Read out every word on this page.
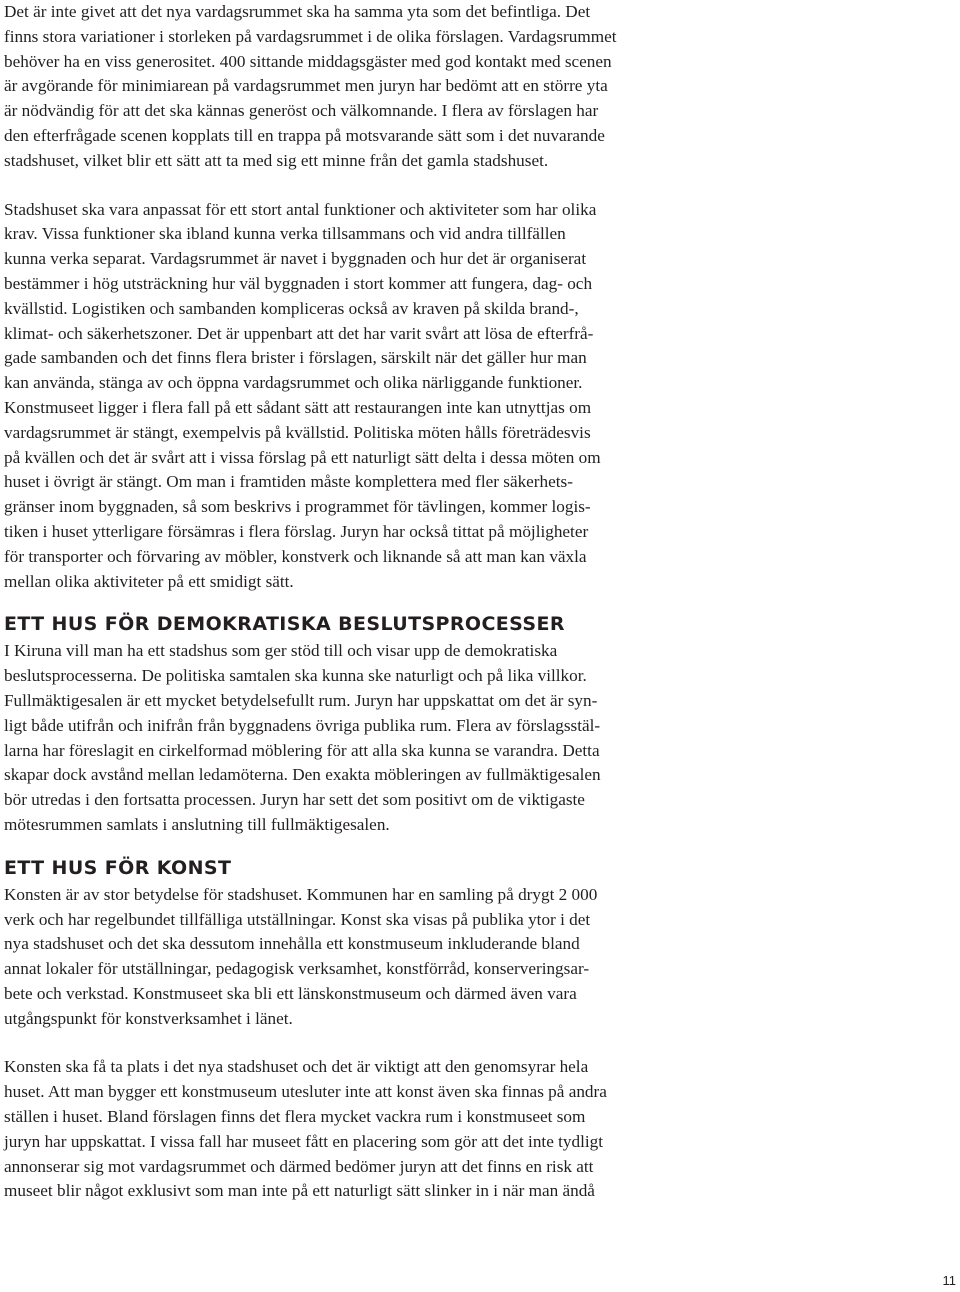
Det är inte givet att det nya vardagsrummet ska ha samma yta som det befintliga. Det
finns stora variationer i storleken på vardagsrummet i de olika förslagen. Vardagsrummet
behöver ha en viss generositet. 400 sittande middagsgäster med god kontakt med scenen
är avgörande för minimiarean på vardagsrummet men juryn har bedömt att en större yta
är nödvändig för att det ska kännas generöst och välkomnande. I flera av förslagen har
den efterfrågade scenen kopplats till en trappa på motsvarande sätt som i det nuvarande
stadshuset, vilket blir ett sätt att ta med sig ett minne från det gamla stadshuset.
Stadshuset ska vara anpassat för ett stort antal funktioner och aktiviteter som har olika
krav. Vissa funktioner ska ibland kunna verka tillsammans och vid andra tillfällen
kunna verka separat. Vardagsrummet är navet i byggnaden och hur det är organiserat
bestämmer i hög utsträckning hur väl byggnaden i stort kommer att fungera, dag- och
kvällstid. Logistiken och sambanden kompliceras också av kraven på skilda brand-,
klimat- och säkerhetszoner. Det är uppenbart att det har varit svårt att lösa de efterfrå-
gade sambanden och det finns flera brister i förslagen, särskilt när det gäller hur man
kan använda, stänga av och öppna vardagsrummet och olika närliggande funktioner.
Konstmuseet ligger i flera fall på ett sådant sätt att restaurangen inte kan utnyttjas om
vardagsrummet är stängt, exempelvis på kvällstid. Politiska möten hålls företrädesvis
på kvällen och det är svårt att i vissa förslag på ett naturligt sätt delta i dessa möten om
huset i övrigt är stängt. Om man i framtiden måste komplettera med fler säkerhets-
gränser inom byggnaden, så som beskrivs i programmet för tävlingen, kommer logis-
tiken i huset ytterligare försämras i flera förslag. Juryn har också tittat på möjligheter
för transporter och förvaring av möbler, konstverk och liknande så att man kan växla
mellan olika aktiviteter på ett smidigt sätt.
ETT HUS FÖR DEMOKRATISKA BESLUTSPROCESSER
I Kiruna vill man ha ett stadshus som ger stöd till och visar upp de demokratiska
beslutsprocesserna. De politiska samtalen ska kunna ske naturligt och på lika villkor.
Fullmäktigesalen är ett mycket betydelsefullt rum. Juryn har uppskattat om det är syn-
ligt både utifrån och inifrån från byggnadens övriga publika rum. Flera av förslagsstäl-
larna har föreslagit en cirkelformad möblering för att alla ska kunna se varandra. Detta
skapar dock avstånd mellan ledamöterna. Den exakta möbleringen av fullmäktigesalen
bör utredas i den fortsatta processen. Juryn har sett det som positivt om de viktigaste
mötesrummen samlats i anslutning till fullmäktigesalen.
ETT HUS FÖR KONST
Konsten är av stor betydelse för stadshuset. Kommunen har en samling på drygt 2 000
verk och har regelbundet tillfälliga utställningar. Konst ska visas på publika ytor i det
nya stadshuset och det ska dessutom innehålla ett konstmuseum inkluderande bland
annat lokaler för utställningar, pedagogisk verksamhet, konstförråd, konserveringsar-
bete och verkstad. Konstmuseet ska bli ett länskonstmuseum och därmed även vara
utgångspunkt för konstverksamhet i länet.
Konsten ska få ta plats i det nya stadshuset och det är viktigt att den genomsyrar hela
huset. Att man bygger ett konstmuseum utesluter inte att konst även ska finnas på andra
ställen i huset. Bland förslagen finns det flera mycket vackra rum i konstmuseet som
juryn har uppskattat. I vissa fall har museet fått en placering som gör att det inte tydligt
annonserar sig mot vardagsrummet och därmed bedömer juryn att det finns en risk att
museet blir något exklusivt som man inte på ett naturligt sätt slinker in i när man ändå
11
